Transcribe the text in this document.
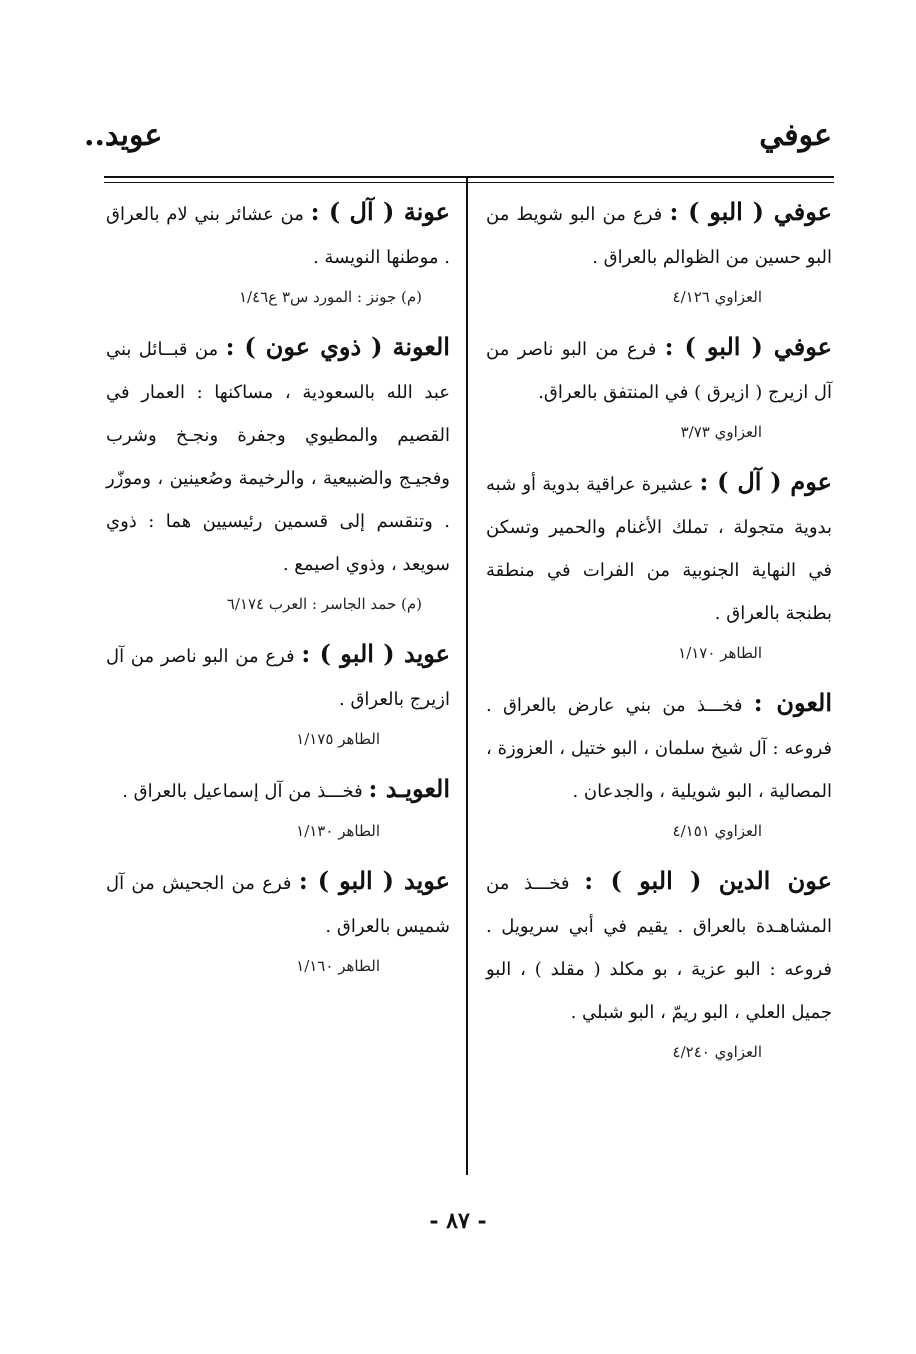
عوفي
عويد..

عوفي ( البو ) : فرع من البو شويط من البو حسين من الظوالم بالعراق .

العزاوي ٤/١٢٦

عوفي ( البو ) : فرع من البو ناصر من آل ازيرج ( ازيرق ) في المنتفق بالعراق.

العزاوي ٣/٧٣

عوم ( آل ) : عشيرة عراقية بدوية أو شبه بدوية متجولة ، تملك الأغنام والحمير وتسكن في النهاية الجنوبية من الفرات في منطقة بطنجة بالعراق .

الطاهر ١/١٧٠

العون : فخـــذ من بني عارض بالعراق . فروعه : آل شيخ سلمان ، البو ختيل ، العزوزة ، المصالية ، البو شويلية ، والجدعان .

العزاوي ٤/١٥١

عون الدين ( البو ) : فخـــذ من المشاهـدة بالعراق . يقيم في أبي سريويل . فروعه : البو عزية ، بو مكلد ( مقلد ) ، البو جميل العلي ، البو ريمّ ، البو شبلي .

العزاوي ٤/٢٤٠

عونة ( آل ) : من عشائر بني لام بالعراق . موطنها النويسة .

(م) جونز : المورد س٣ ع١/٤٦

العونة ( ذوي عون ) : من قبــائل بني عبد الله بالسعودية ، مساكنها : العمار في القصيم والمطيوي وجفرة ونجـخ وشرب وفجيـج والضبيعية ، والرخيمة وصُعينين ، وموزّر . وتنقسم إلى قسمين رئيسيين هما : ذوي سويعد ، وذوي اصيمع .

(م) حمد الجاسر : العرب ٦/١٧٤

عويد ( البو ) : فرع من البو ناصر من آل ازيرج بالعراق .

الطاهر ١/١٧٥

العويـد : فخـــذ من آل إسماعيل بالعراق .

الطاهر ١/١٣٠

عويد ( البو ) : فرع من الجحيش من آل شميس بالعراق .

الطاهر ١/١٦٠

- ٨٧ -
